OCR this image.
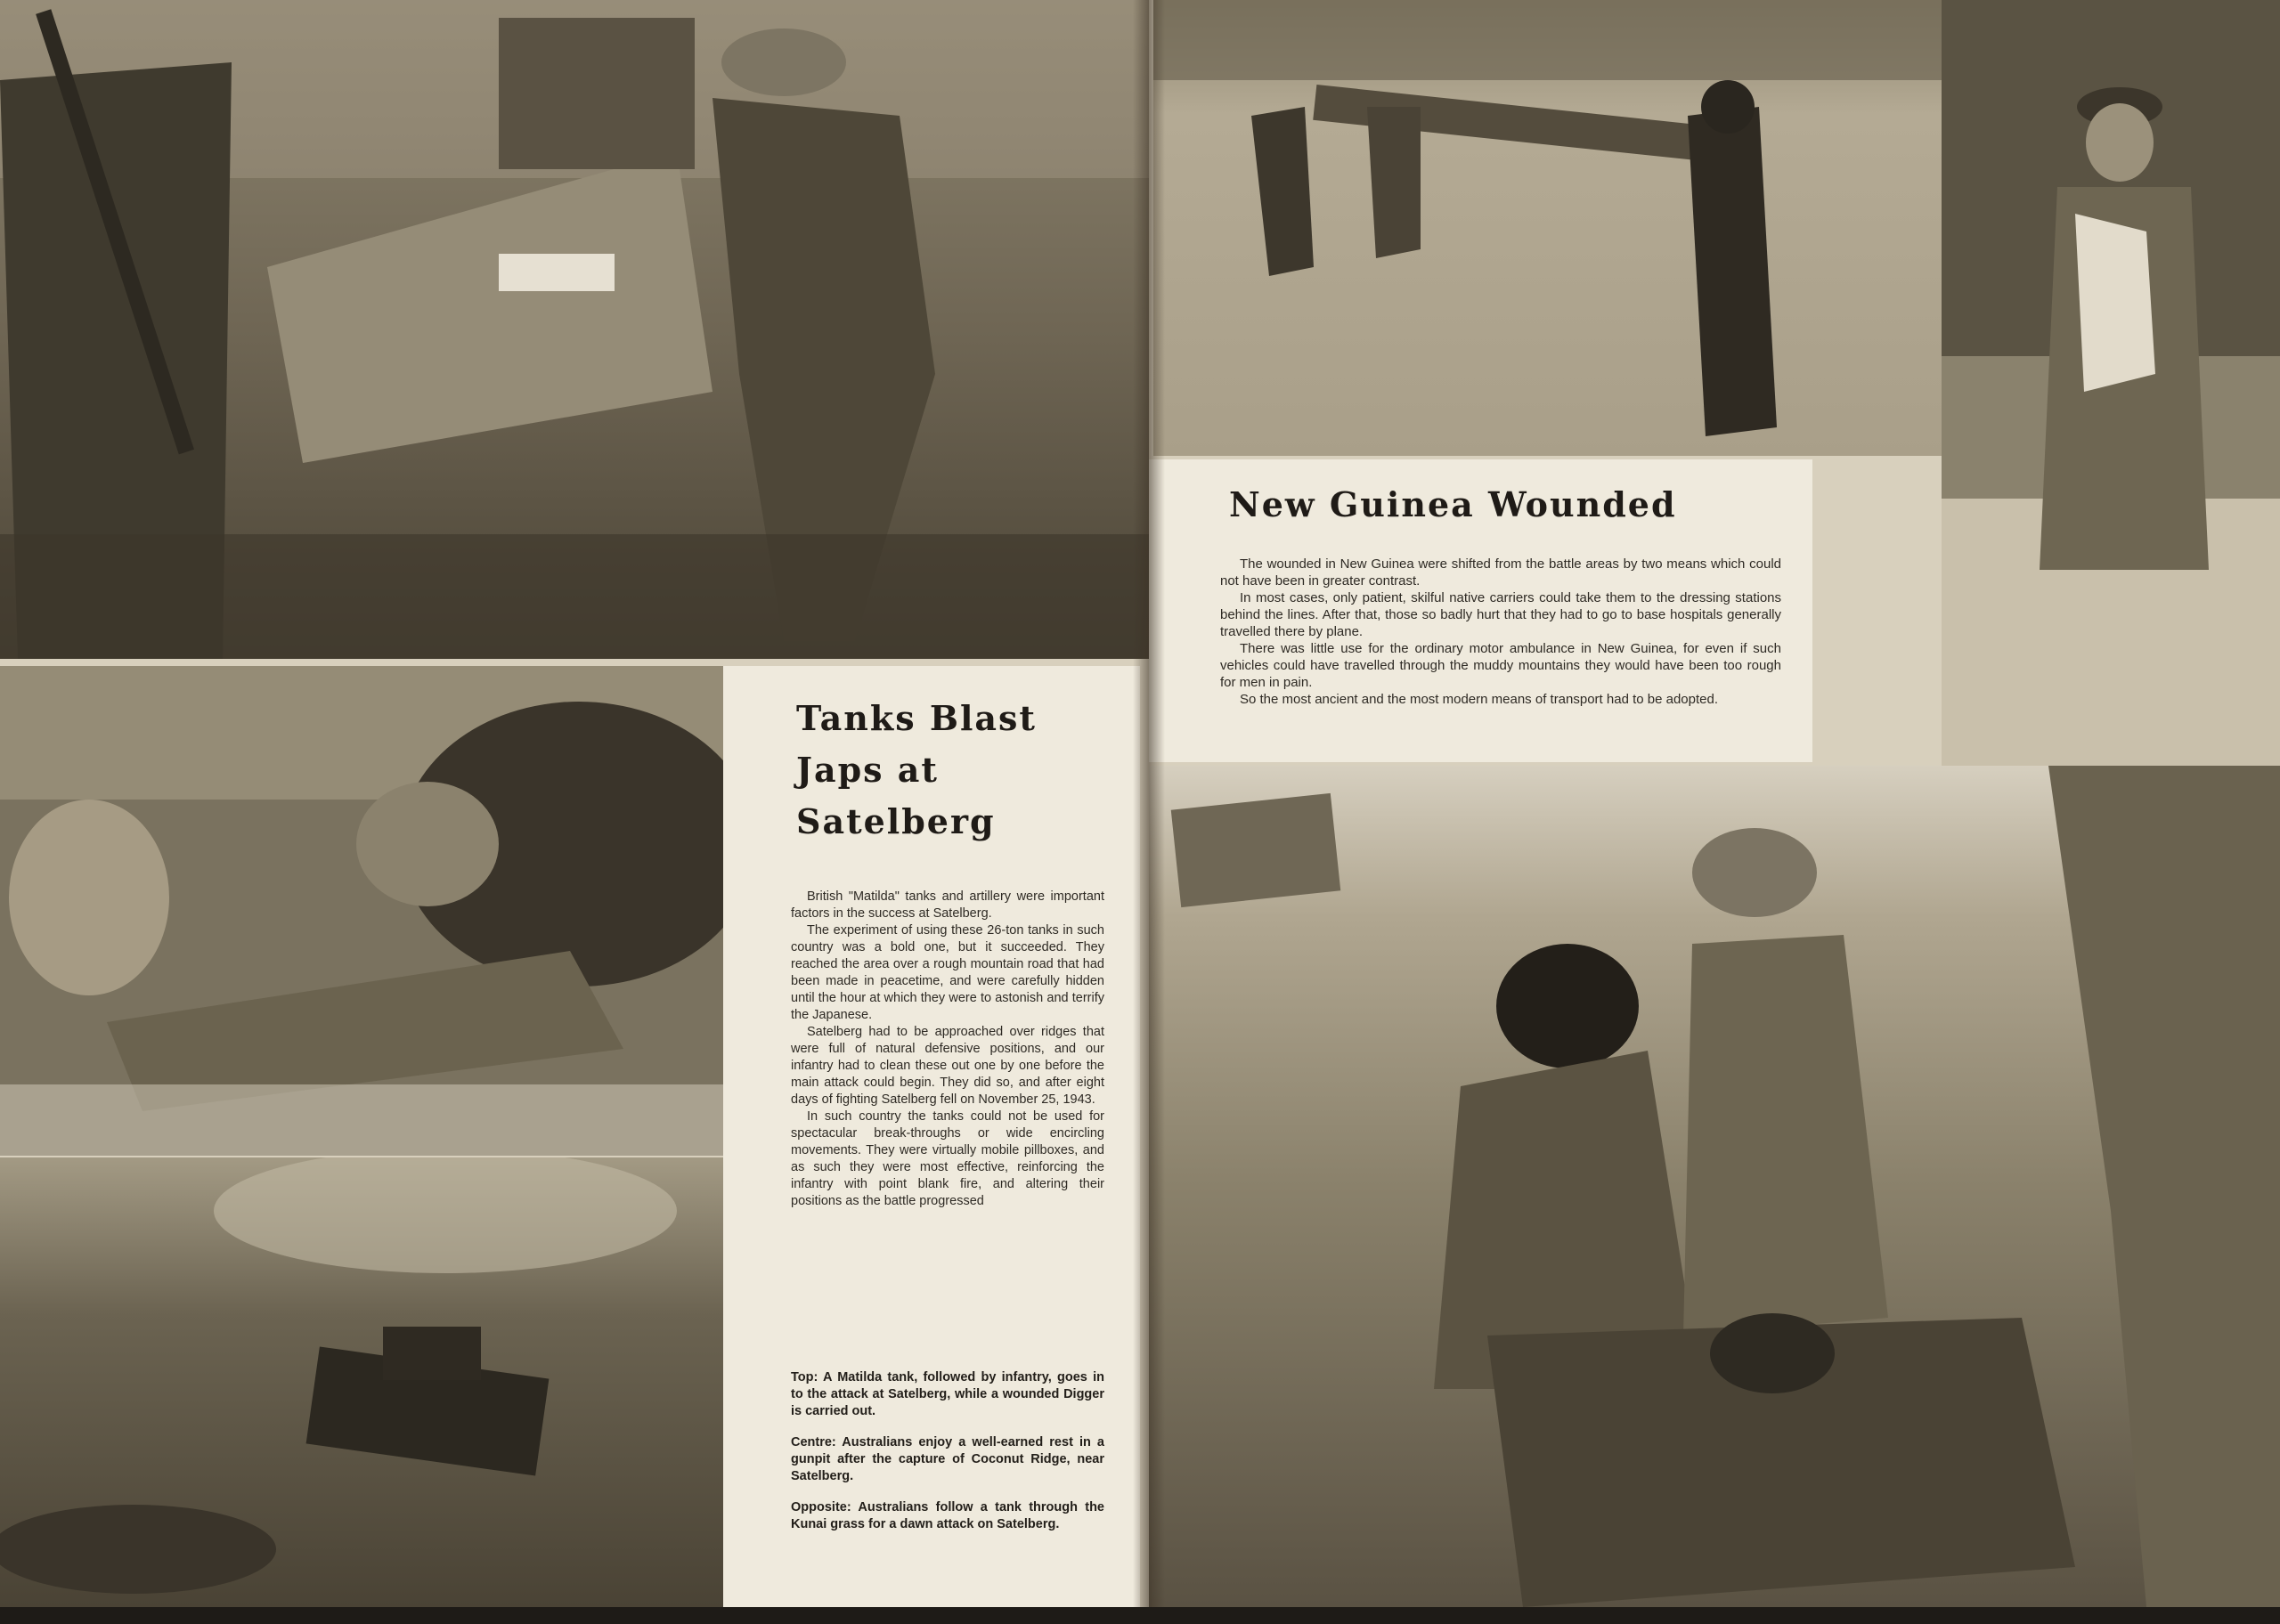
Tanks Blast

Japs at

Satelberg

British "Matilda" tanks and artillery were important factors in the success at Satelberg.

The experiment of using these 26-ton tanks in such country was a bold one, but it succeeded. They reached the area over a rough mountain road that had been made in peacetime, and were carefully hidden until the hour at which they were to astonish and terrify the Japanese.

Satelberg had to be approached over ridges that were full of natural defensive positions, and our infantry had to clean these out one by one before the main attack could begin. They did so, and after eight days of fighting Satelberg fell on November 25, 1943.

In such country the tanks could not be used for spectacular break-throughs or wide encircling movements. They were virtually mobile pillboxes, and as such they were most effective, reinforcing the infantry with point blank fire, and altering their positions as the battle progressed

Top: A Matilda tank, followed by infantry, goes in to the attack at Satelberg, while a wounded Digger is carried out.

Centre: Australians enjoy a well-earned rest in a gunpit after the capture of Coconut Ridge, near Satelberg.

Opposite: Australians follow a tank through the Kunai grass for a dawn attack on Satelberg.

New Guinea Wounded

The wounded in New Guinea were shifted from the battle areas by two means which could not have been in greater contrast.

In most cases, only patient, skilful native carriers could take them to the dressing stations behind the lines. After that, those so badly hurt that they had to go to base hospitals generally travelled there by plane.

There was little use for the ordinary motor ambulance in New Guinea, for even if such vehicles could have travelled through the muddy mountains they would have been too rough for men in pain.

So the most ancient and the most modern means of transport had to be adopted.
